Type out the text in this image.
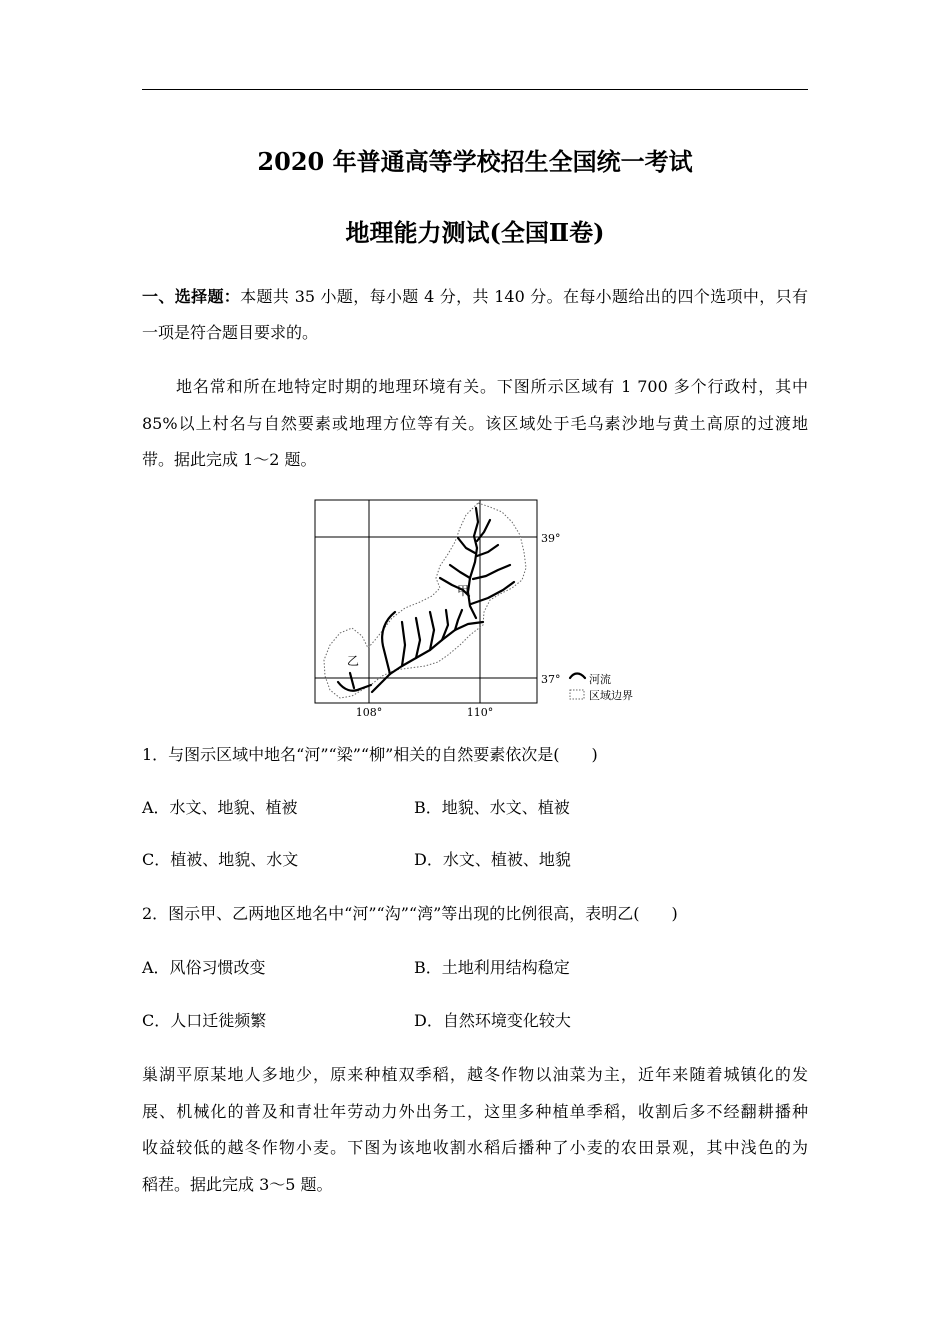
2020 年普通高等学校招生全国统一考试
地理能力测试(全国Ⅱ卷)
一、选择题：本题共 35 小题，每小题 4 分，共 140 分。在每小题给出的四个选项中，只有
一项是符合题目要求的。
地名常和所在地特定时期的地理环境有关。下图所示区域有 1 700 多个行政村，其中
85%以上村名与自然要素或地理方位等有关。该区域处于毛乌素沙地与黄土高原的过渡地
带。据此完成 1～2 题。
甲
乙
39°
37°
108°	110°
河流
区域边界
1．与图示区域中地名“河”“梁”“柳”相关的自然要素依次是(　　)
A．水文、地貌、植被	B．地貌、水文、植被
C．植被、地貌、水文	D．水文、植被、地貌
2．图示甲、乙两地区地名中“河”“沟”“湾”等出现的比例很高，表明乙(　　)
A．风俗习惯改变	B．土地利用结构稳定
C．人口迁徙频繁	D．自然环境变化较大
巢湖平原某地人多地少，原来种植双季稻，越冬作物以油菜为主，近年来随着城镇化的发
展、机械化的普及和青壮年劳动力外出务工，这里多种植单季稻，收割后多不经翻耕播种
收益较低的越冬作物小麦。下图为该地收割水稻后播种了小麦的农田景观，其中浅色的为
稻茬。据此完成 3～5 题。
